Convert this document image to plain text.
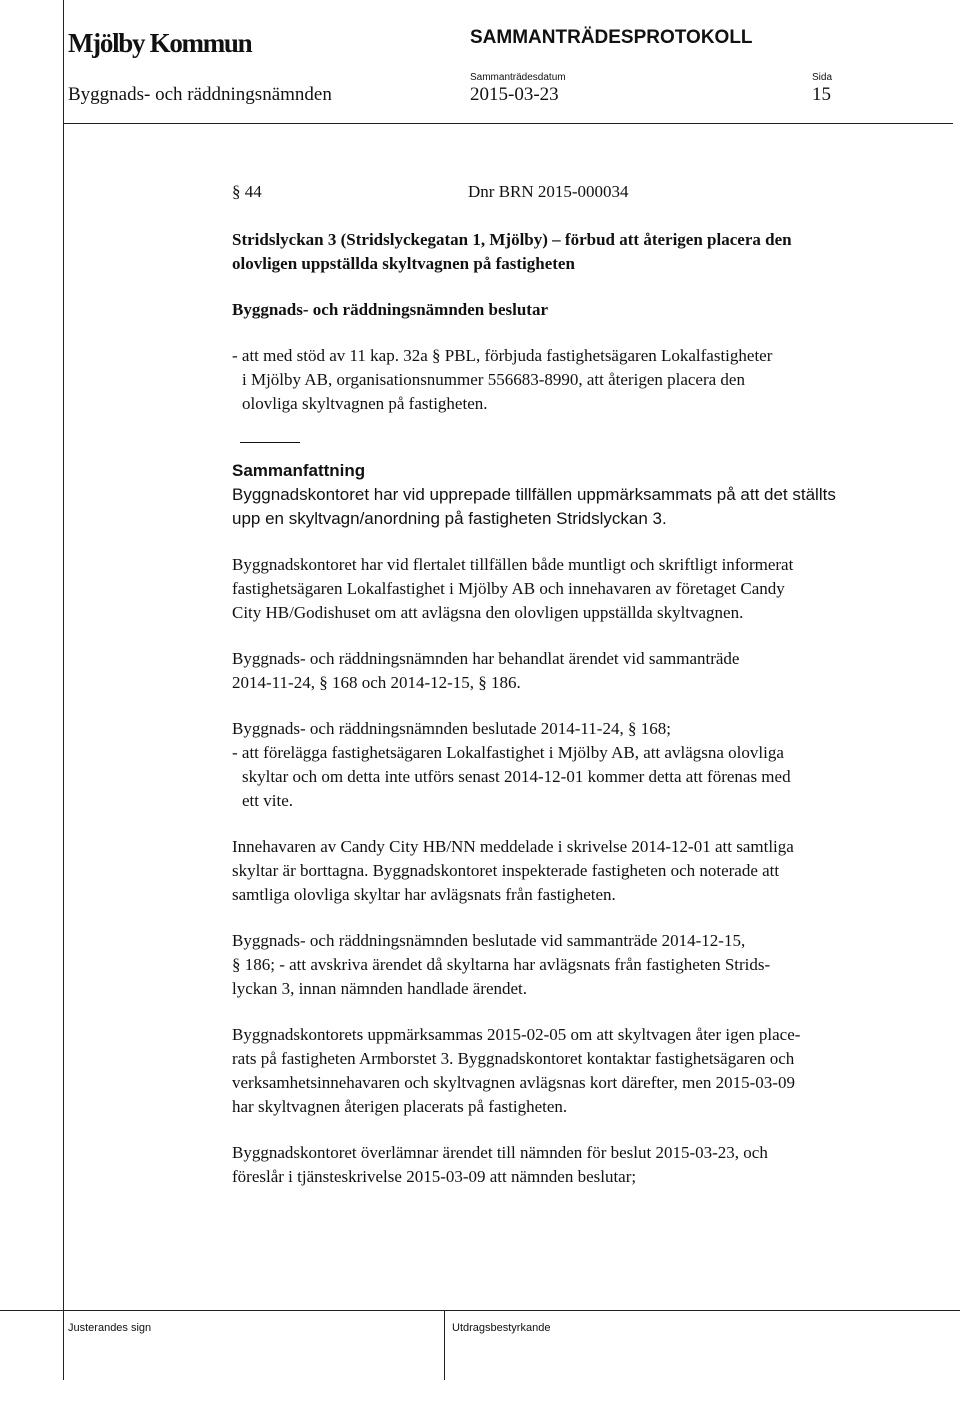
Mjölby Kommun	SAMMANTRÄDESPROTOKOLL
Sammanträdesdatum	Sida
Byggnads- och räddningsnämnden	2015-03-23	15
§ 44	Dnr BRN 2015-000034

Stridslyckan 3 (Stridslyckegatan 1, Mjölby) – förbud att återigen placera den
olovligen uppställda skyltvagnen på fastigheten

Byggnads- och räddningsnämnden beslutar

- att med stöd av 11 kap. 32a § PBL, förbjuda fastighetsägaren Lokalfastigheter
i Mjölby AB, organisationsnummer 556683-8990, att återigen placera den
olovliga skyltvagnen på fastigheten.

Sammanfattning

Byggnadskontoret har vid upprepade tillfällen uppmärksammats på att det ställts
upp en skyltvagn/anordning på fastigheten Stridslyckan 3.

Byggnadskontoret har vid flertalet tillfällen både muntligt och skriftligt informerat
fastighetsägaren Lokalfastighet i Mjölby AB och innehavaren av företaget Candy
City HB/Godishuset om att avlägsna den olovligen uppställda skyltvagnen.

Byggnads- och räddningsnämnden har behandlat ärendet vid sammanträde
2014-11-24, § 168 och 2014-12-15, § 186.

Byggnads- och räddningsnämnden beslutade 2014-11-24, § 168;
- att förelägga fastighetsägaren Lokalfastighet i Mjölby AB, att avlägsna olovliga
skyltar och om detta inte utförs senast 2014-12-01 kommer detta att förenas med
ett vite.

Innehavaren av Candy City HB/NN meddelade i skrivelse 2014-12-01 att samtliga
skyltar är borttagna. Byggnadskontoret inspekterade fastigheten och noterade att
samtliga olovliga skyltar har avlägsnats från fastigheten.

Byggnads- och räddningsnämnden beslutade vid sammanträde 2014-12-15,
§ 186; - att avskriva ärendet då skyltarna har avlägsnats från fastigheten Strids-
lyckan 3, innan nämnden handlade ärendet.

Byggnadskontorets uppmärksammas 2015-02-05 om att skyltvagen åter igen place-
rats på fastigheten Armborstet 3. Byggnadskontoret kontaktar fastighetsägaren och
verksamhetsinnehavaren och skyltvagnen avlägsnas kort därefter, men 2015-03-09
har skyltvagnen återigen placerats på fastigheten.

Byggnadskontoret överlämnar ärendet till nämnden för beslut 2015-03-23, och
föreslår i tjänsteskrivelse 2015-03-09 att nämnden beslutar;

Justerandes sign	Utdragsbestyrkande
